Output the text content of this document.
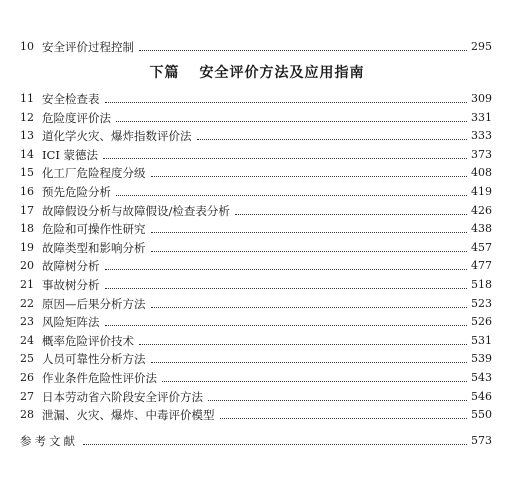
10 安全评价过程控制	295
下篇 安全评价方法及应用指南
11 安全检查表	309
12 危险度评价法	331
13 道化学火灾、爆炸指数评价法	333
14 ICI 蒙德法	373
15 化工厂危险程度分级	408
16 预先危险分析	419
17 故障假设分析与故障假设/检查表分析	426
18 危险和可操作性研究	438
19 故障类型和影响分析	457
20 故障树分析	477
21 事故树分析	518
22 原因—后果分析方法	523
23 风险矩阵法	526
24 概率危险评价技术	531
25 人员可靠性分析方法	539
26 作业条件危险性评价法	543
27 日本劳动省六阶段安全评价方法	546
28 泄漏、火灾、爆炸、中毒评价模型	550
参考文献	573
